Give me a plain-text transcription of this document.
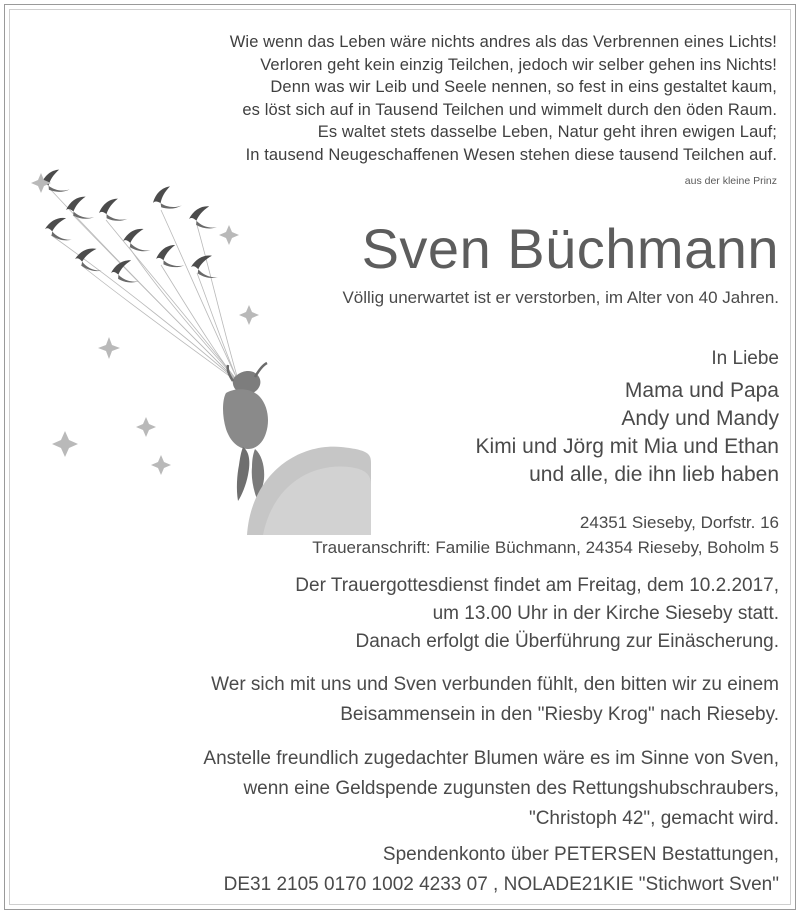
Wie wenn das Leben wäre nichts andres als das Verbrennen eines Lichts!
Verloren geht kein einzig Teilchen, jedoch wir selber gehen ins Nichts!
Denn was wir Leib und Seele nennen, so fest in eins gestaltet kaum,
es löst sich auf in Tausend Teilchen und wimmelt durch den öden Raum.
Es waltet stets dasselbe Leben, Natur geht ihren ewigen Lauf;
In tausend Neugeschaffenen Wesen stehen diese tausend Teilchen auf.
aus der kleine Prinz
Sven Büchmann
Völlig unerwartet ist er verstorben, im Alter von 40 Jahren.
In Liebe
Mama und Papa
Andy und Mandy
Kimi und Jörg mit Mia und Ethan
und alle, die ihn lieb haben
24351 Sieseby, Dorfstr. 16
Traueranschrift: Familie Büchmann, 24354 Rieseby, Boholm 5
Der Trauergottesdienst findet am Freitag, dem 10.2.2017,
um 13.00 Uhr in der Kirche Sieseby statt.
Danach erfolgt die Überführung zur Einäscherung.
Wer sich mit uns und Sven verbunden fühlt, den bitten wir zu einem
Beisammensein in den "Riesby Krog" nach Rieseby.
Anstelle freundlich zugedachter Blumen wäre es im Sinne von Sven,
wenn eine Geldspende zugunsten des Rettungshubschraubers,
"Christoph 42", gemacht wird.
Spendenkonto über PETERSEN Bestattungen,
DE31 2105 0170 1002 4233 07 , NOLADE21KIE "Stichwort Sven"
